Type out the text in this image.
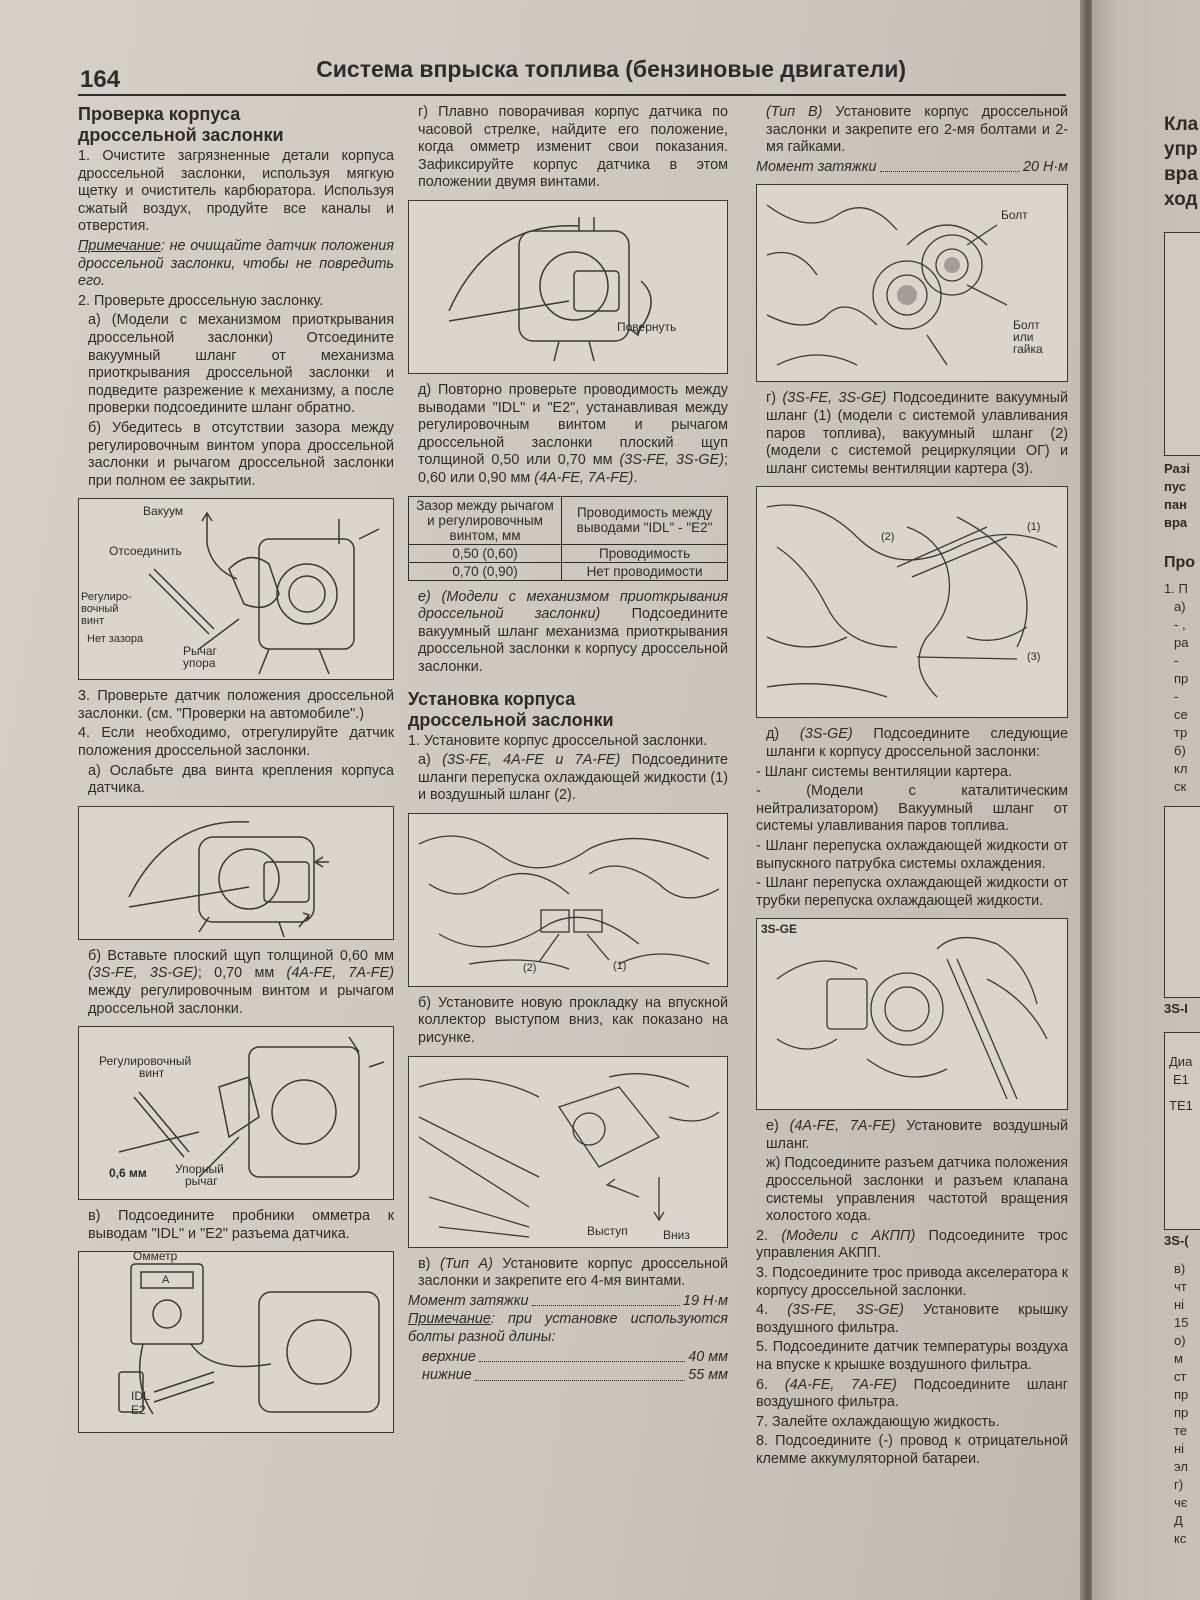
164	Система впрыска топлива (бензиновые двигатели)
Проверка корпуса
дроссельной заслонки

1. Очистите загрязненные детали корпуса дроссельной заслонки, используя мягкую щетку и очиститель карбюратора. Используя сжатый воздух, продуйте все каналы и отверстия.

Примечание: не очищайте датчик положения дроссельной заслонки, чтобы не повредить его.

2. Проверьте дроссельную заслонку.

а) (Модели с механизмом приоткрывания дроссельной заслонки) Отсоедините вакуумный шланг от механизма приоткрывания дроссельной заслонки и подведите разрежение к механизму, а после проверки подсоедините шланг обратно.

б) Убедитесь в отсутствии зазора между регулировочным винтом упора дроссельной заслонки и рычагом дроссельной заслонки при полном ее закрытии.

Вакуум
Отсоединить
Регулиро-
вочный
винт
Нет зазора
Рычаг
упора

3. Проверьте датчик положения дроссельной заслонки. (см. "Проверки на автомобиле".)

4. Если необходимо, отрегулируйте датчик положения дроссельной заслонки.

а) Ослабьте два винта крепления корпуса датчика.

б) Вставьте плоский щуп толщиной 0,60 мм (3S-FE, 3S-GE); 0,70 мм (4A-FE, 7A-FE) между регулировочным винтом и рычагом дроссельной заслонки.

Регулировочный
винт
0,6 мм Упорный
рычаг

в) Подсоедините пробники омметра к выводам "IDL" и "E2" разъема датчика.

Омметр
A
IDL
E2

г) Плавно поворачивая корпус датчика по часовой стрелке, найдите его положение, когда омметр изменит свои показания. Зафиксируйте корпус датчика в этом положении двумя винтами.

Повернуть

д) Повторно проверьте проводимость между выводами "IDL" и "E2", устанавливая между регулировочным винтом и рычагом дроссельной заслонки плоский щуп толщиной 0,50 или 0,70 мм (3S-FE, 3S-GE); 0,60 или 0,90 мм (4A-FE, 7A-FE).

Зазор между рычагом и регулировочным винтом, мм	Проводимость между выводами "IDL" - "E2"
0,50 (0,60)	Проводимость
0,70 (0,90)	Нет проводимости

е) (Модели с механизмом приоткрывания дроссельной заслонки) Подсоедините вакуумный шланг механизма приоткрывания дроссельной заслонки к корпусу дроссельной заслонки.

Установка корпуса
дроссельной заслонки

1. Установите корпус дроссельной заслонки.

а) (3S-FE, 4A-FE и 7A-FE) Подсоедините шланги перепуска охлаждающей жидкости (1) и воздушный шланг (2).

(2)	(1)

б) Установите новую прокладку на впускной коллектор выступом вниз, как показано на рисунке.

Выступ	Вниз

в) (Тип А) Установите корпус дроссельной заслонки и закрепите его 4-мя винтами.

Момент затяжки	19 Н·м

Примечание: при установке используются болты разной длины:

верхние	40 мм
нижние	55 мм

(Тип В) Установите корпус дроссельной заслонки и закрепите его 2-мя болтами и 2-мя гайками.

Момент затяжки	20 Н·м
Болт
Болт
или
гайка

г) (3S-FE, 3S-GE) Подсоедините вакуумный шланг (1) (модели с системой улавливания паров топлива), вакуумный шланг (2) (модели с системой рециркуляции ОГ) и шланг системы вентиляции картера (3).

(2)
(1)
(3)

д) (3S-GE) Подсоедините следующие шланги к корпусу дроссельной заслонки:

- Шланг системы вентиляции картера.

- (Модели с каталитическим нейтрализатором) Вакуумный шланг от системы улавливания паров топлива.

- Шланг перепуска охлаждающей жидкости от выпускного патрубка системы охлаждения.

- Шланг перепуска охлаждающей жидкости от трубки перепуска охлаждающей жидкости.

3S-GE

е) (4A-FE, 7A-FE) Установите воздушный шланг.

ж) Подсоедините разъем датчика положения дроссельной заслонки и разъем клапана системы управления частотой вращения холостого хода.

2. (Модели с АКПП) Подсоедините трос управления АКПП.

3. Подсоедините трос привода акселератора к корпусу дроссельной заслонки.

4. (3S-FE, 3S-GE) Установите крышку воздушного фильтра.

5. Подсоедините датчик температуры воздуха на впуске к крышке воздушного фильтра.

6. (4A-FE, 7A-FE) Подсоедините шланг воздушного фильтра.

7. Залейте охлаждающую жидкость.

8. Подсоедините (-) провод к отрицательной клемме аккумуляторной батареи.

Кла
упр
вра
ход
Разі
пус
пан
вра
Про
1. П
а)
- ,
ра
-
пр
-
се
тр
б)
кл
ск
3S-I
Диа
E1
TE1
3S-(
в)
чт
ні
15
о)
м
ст
пр
пр
те
ні
эл
г)
чє
Д
кс
